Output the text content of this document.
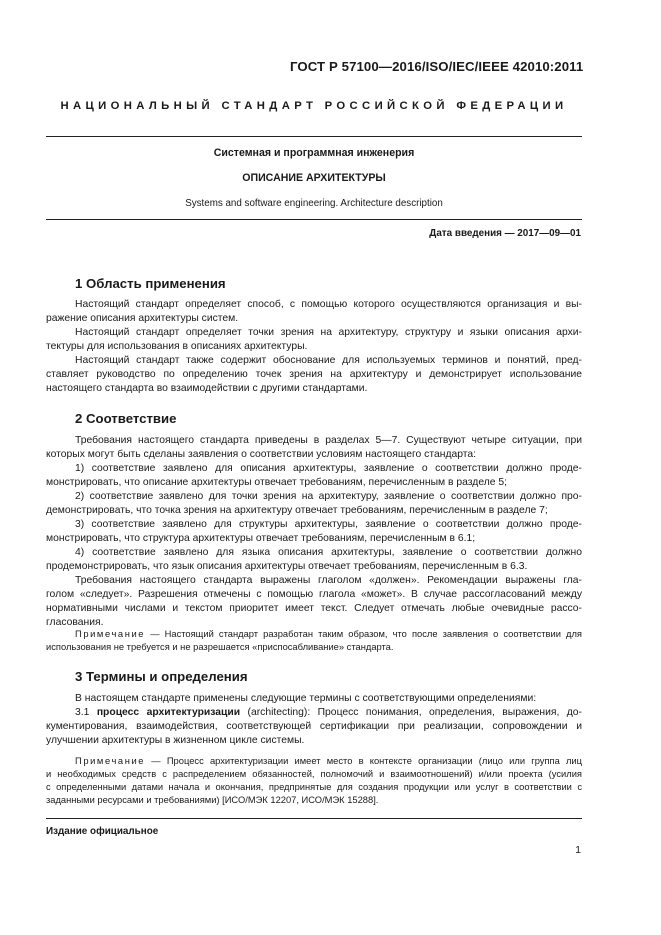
ГОСТ Р 57100—2016/ISO/IEC/IEEE 42010:2011
НАЦИОНАЛЬНЫЙ СТАНДАРТ РОССИЙСКОЙ ФЕДЕРАЦИИ
Системная и программная инженерия
ОПИСАНИЕ АРХИТЕКТУРЫ
Systems and software engineering. Architecture description
Дата введения — 2017—09—01
1 Область применения
Настоящий стандарт определяет способ, с помощью которого осуществляются организация и вы-
ражение описания архитектуры систем.
Настоящий стандарт определяет точки зрения на архитектуру, структуру и языки описания архи-
тектуры для использования в описаниях архитектуры.
Настоящий стандарт также содержит обоснование для используемых терминов и понятий, пред-
ставляет руководство по определению точек зрения на архитектуру и демонстрирует использование
настоящего стандарта во взаимодействии с другими стандартами.
2 Соответствие
Требования настоящего стандарта приведены в разделах 5—7. Существуют четыре ситуации, при
которых могут быть сделаны заявления о соответствии условиям настоящего стандарта:
1) соответствие заявлено для описания архитектуры, заявление о соответствии должно проде-
монстрировать, что описание архитектуры отвечает требованиям, перечисленным в разделе 5;
2) соответствие заявлено для точки зрения на архитектуру, заявление о соответствии должно про-
демонстрировать, что точка зрения на архитектуру отвечает требованиям, перечисленным в разделе 7;
3) соответствие заявлено для структуры архитектуры, заявление о соответствии должно проде-
монстрировать, что структура архитектуры отвечает требованиям, перечисленным в 6.1;
4) соответствие заявлено для языка описания архитектуры, заявление о соответствии должно
продемонстрировать, что язык описания архитектуры отвечает требованиям, перечисленным в 6.3.
Требования настоящего стандарта выражены глаголом «должен». Рекомендации выражены гла-
голом «следует». Разрешения отмечены с помощью глагола «может». В случае рассогласований между
нормативными числами и текстом приоритет имеет текст. Следует отмечать любые очевидные рассо-
гласования.
Примечание — Настоящий стандарт разработан таким образом, что после заявления о соответствии для
использования не требуется и не разрешается «приспосабливание» стандарта.
3 Термины и определения
В настоящем стандарте применены следующие термины с соответствующими определениями:
3.1 процесс архитектуризации (architecting): Процесс понимания, определения, выражения, до-
кументирования, взаимодействия, соответствующей сертификации при реализации, сопровождении и
улучшении архитектуры в жизненном цикле системы.
Примечание — Процесс архитектуризации имеет место в контексте организации (лицо или группа лиц
и необходимых средств с распределением обязанностей, полномочий и взаимоотношений) и/или проекта (усилия
с определенными датами начала и окончания, предпринятые для создания продукции или услуг в соответствии с
заданными ресурсами и требованиями) [ИСО/МЭК 12207, ИСО/МЭК 15288].
Издание официальное
1
